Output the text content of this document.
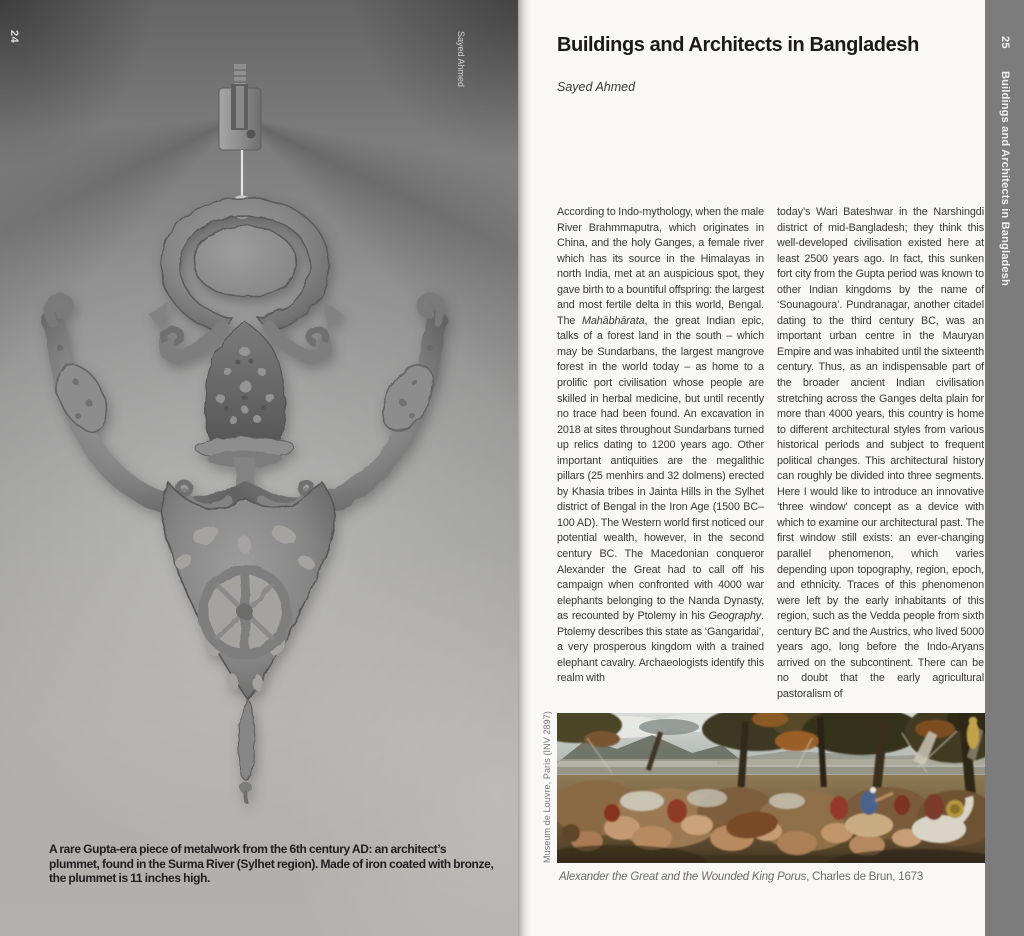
24	Sayed Ahmed
A rare Gupta-era piece of metalwork from the 6th century AD: an architect’s plummet, found in the Surma River (Sylhet region). Made of iron coated with bronze, the plummet is 11 inches high.
Buildings and Architects in Bangladesh
Sayed Ahmed
According to Indo-mythology, when the male River Brahmmaputra, which originates in China, and the holy Ganges, a female river which has its source in the Himalayas in north India, met at an auspicious spot, they gave birth to a bountiful offspring: the largest and most fertile delta in this world, Bengal. The Mahābhārata, the great Indian epic, talks of a forest land in the south – which may be Sundarbans, the largest mangrove forest in the world today – as home to a prolific port civilisation whose people are skilled in herbal medicine, but until recently no trace had been found. An excavation in 2018 at sites throughout Sundarbans turned up relics dating to 1200 years ago. Other important antiquities are the megalithic pillars (25 menhirs and 32 dolmens) erected by Khasia tribes in Jainta Hills in the Sylhet district of Bengal in the Iron Age (1500 BC–100 AD). The Western world first noticed our potential wealth, however, in the second century BC. The Macedonian conqueror Alexander the Great had to call off his campaign when confronted with 4000 war elephants belonging to the Nanda Dynasty, as recounted by Ptolemy in his Geography. Ptolemy describes this state as ‘Gangaridai’, a very prosperous kingdom with a trained elephant cavalry. Archaeologists identify this realm with
today’s Wari Bateshwar in the Narshingdi district of mid-Bangladesh; they think this well-developed civilisation existed here at least 2500 years ago. In fact, this sunken fort city from the Gupta period was known to other Indian kingdoms by the name of ‘Sounagoura’. Pundranagar, another citadel dating to the third century BC, was an important urban centre in the Mauryan Empire and was inhabited until the sixteenth century. Thus, as an indispensable part of the broader ancient Indian civilisation stretching across the Ganges delta plain for more than 4000 years, this country is home to different architectural styles from various historical periods and subject to frequent political changes. This architectural history can roughly be divided into three segments. Here I would like to introduce an innovative ‘three window’ concept as a device with which to examine our architectural past. The first window still exists: an ever-changing parallel phenomenon, which varies depending upon topography, region, epoch, and ethnicity. Traces of this phenomenon were left by the early inhabitants of this region, such as the Vedda people from sixth century BC and the Austrics, who lived 5000 years ago, long before the Indo-Aryans arrived on the subcontinent. There can be no doubt that the early agricultural pastoralism of
Museum de Louvre, Paris (INV 2897)
Alexander the Great and the Wounded King Porus, Charles de Brun, 1673
25Buildings and Architects in Bangladesh
